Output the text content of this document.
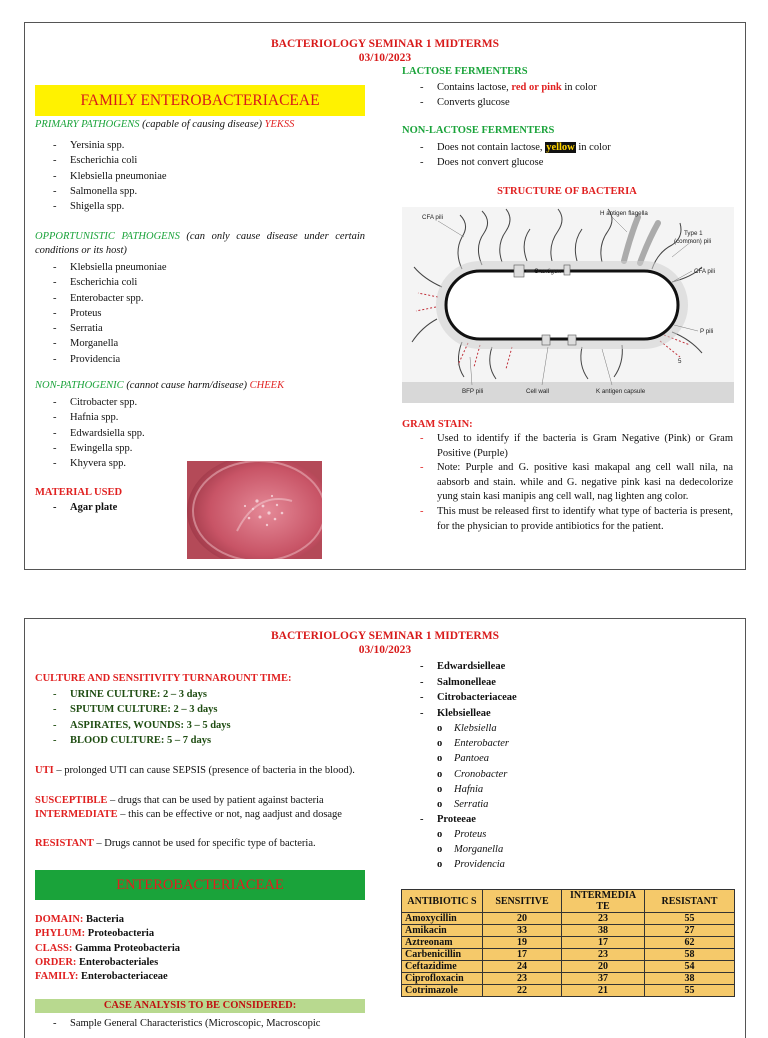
BACTERIOLOGY SEMINAR 1 MIDTERMS
03/10/2023
FAMILY ENTEROBACTERIACEAE
PRIMARY PATHOGENS (capable of causing disease) YEKSS
- Yersinia spp.
- Escherichia coli
- Klebsiella pneumoniae
- Salmonella spp.
- Shigella spp.
OPPORTUNISTIC PATHOGENS (can only cause disease under certain conditions or its host)
- Klebsiella pneumoniae
- Escherichia coli
- Enterobacter spp.
- Proteus
- Serratia
- Morganella
- Providencia
NON-PATHOGENIC (cannot cause harm/disease) CHEEK
- Citrobacter spp.
- Hafnia spp.
- Edwardsiella spp.
- Ewingella spp.
- Khyvera spp.
MATERIAL USED
- Agar plate
LACTOSE FERMENTERS
- Contains lactose, red or pink in color
- Converts glucose
NON-LACTOSE FERMENTERS
- Does not contain lactose, yellow in color
- Does not convert glucose
STRUCTURE OF BACTERIA
CFA pili
H antigen flagella
Type 1
(common) pili
O antigen	CFA pili
P pili
5
BFP pili	Cell wall	K antigen capsule
GRAM STAIN:
- Used to identify if the bacteria is Gram Negative (Pink) or Gram Positive (Purple)
- Note: Purple and G. positive kasi makapal ang cell wall nila, na aabsorb and stain. while and G. negative pink kasi na dedecolorize yung stain kasi manipis ang cell wall, nag lighten ang color.
- This must be released first to identify what type of bacteria is present, for the physician to provide antibiotics for the patient.
BACTERIOLOGY SEMINAR 1 MIDTERMS
03/10/2023
CULTURE AND SENSITIVITY TURNAROUNT TIME:
- URINE CULTURE: 2 – 3 days
- SPUTUM CULTURE: 2 – 3 days
- ASPIRATES, WOUNDS: 3 – 5 days
- BLOOD CULTURE: 5 – 7 days
UTI – prolonged UTI can cause SEPSIS (presence of bacteria in the blood).
SUSCEPTIBLE – drugs that can be used by patient against bacteria
INTERMEDIATE – this can be effective or not, nag aadjust and dosage
RESISTANT – Drugs cannot be used for specific type of bacteria.
ENTEROBACTERIACEAE
DOMAIN: Bacteria
PHYLUM: Proteobacteria
CLASS: Gamma Proteobacteria
ORDER: Enterobacteriales
FAMILY: Enterobacteriaceae
CASE ANALYSIS TO BE CONSIDERED:
- Sample General Characteristics (Microscopic, Macroscopic
- Edwardsielleae
- Salmonelleae
- Citrobacteriaceae
- Klebsielleae
o Klebsiella
o Enterobacter
o Pantoea
o Cronobacter
o Hafnia
o Serratia
- Proteeae
o Proteus
o Morganella
o Providencia
ANTIBIOTIC S	SENSITIVE	INTERMEDIA TE	RESISTANT
Amoxycillin	20	23	55
Amikacin	33	38	27
Aztreonam	19	17	62
Carbenicillin	17	23	58
Ceftazidime	24	20	54
Ciprofloxacin	23	37	38
Cotrimazole	22	21	55
